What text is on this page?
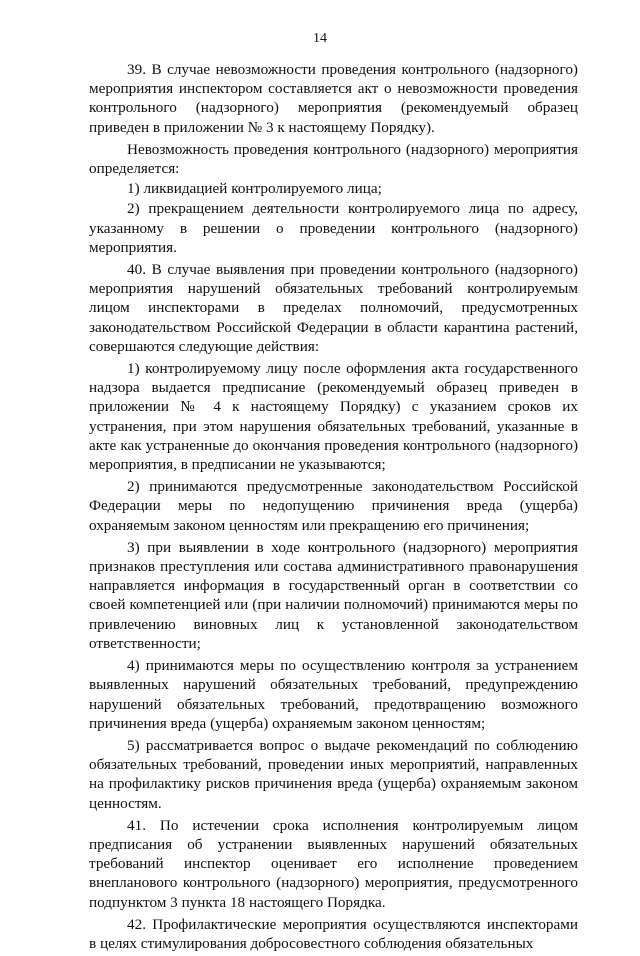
14

39. В случае невозможности проведения контрольного (надзорного) мероприятия инспектором составляется акт о невозможности проведения контрольного (надзорного) мероприятия (рекомендуемый образец приведен в приложении № 3 к настоящему Порядку).

Невозможность проведения контрольного (надзорного) мероприятия определяется:

1) ликвидацией контролируемого лица;

2) прекращением деятельности контролируемого лица по адресу, указанному в решении о проведении контрольного (надзорного) мероприятия.

40. В случае выявления при проведении контрольного (надзорного) мероприятия нарушений обязательных требований контролируемым лицом инспекторами в пределах полномочий, предусмотренных законодательством Российской Федерации в области карантина растений, совершаются следующие действия:

1) контролируемому лицу после оформления акта государственного надзора выдается предписание (рекомендуемый образец приведен в приложении № 4 к настоящему Порядку) с указанием сроков их устранения, при этом нарушения обязательных требований, указанные в акте как устраненные до окончания проведения контрольного (надзорного) мероприятия, в предписании не указываются;

2) принимаются предусмотренные законодательством Российской Федерации меры по недопущению причинения вреда (ущерба) охраняемым законом ценностям или прекращению его причинения;

3) при выявлении в ходе контрольного (надзорного) мероприятия признаков преступления или состава административного правонарушения направляется информация в государственный орган в соответствии со своей компетенцией или (при наличии полномочий) принимаются меры по привлечению виновных лиц к установленной законодательством ответственности;

4) принимаются меры по осуществлению контроля за устранением выявленных нарушений обязательных требований, предупреждению нарушений обязательных требований, предотвращению возможного причинения вреда (ущерба) охраняемым законом ценностям;

5) рассматривается вопрос о выдаче рекомендаций по соблюдению обязательных требований, проведении иных мероприятий, направленных на профилактику рисков причинения вреда (ущерба) охраняемым законом ценностям.

41. По истечении срока исполнения контролируемым лицом предписания об устранении выявленных нарушений обязательных требований инспектор оценивает его исполнение проведением внепланового контрольного (надзорного) мероприятия, предусмотренного подпунктом 3 пункта 18 настоящего Порядка.

42. Профилактические мероприятия осуществляются инспекторами в целях стимулирования добросовестного соблюдения обязательных
